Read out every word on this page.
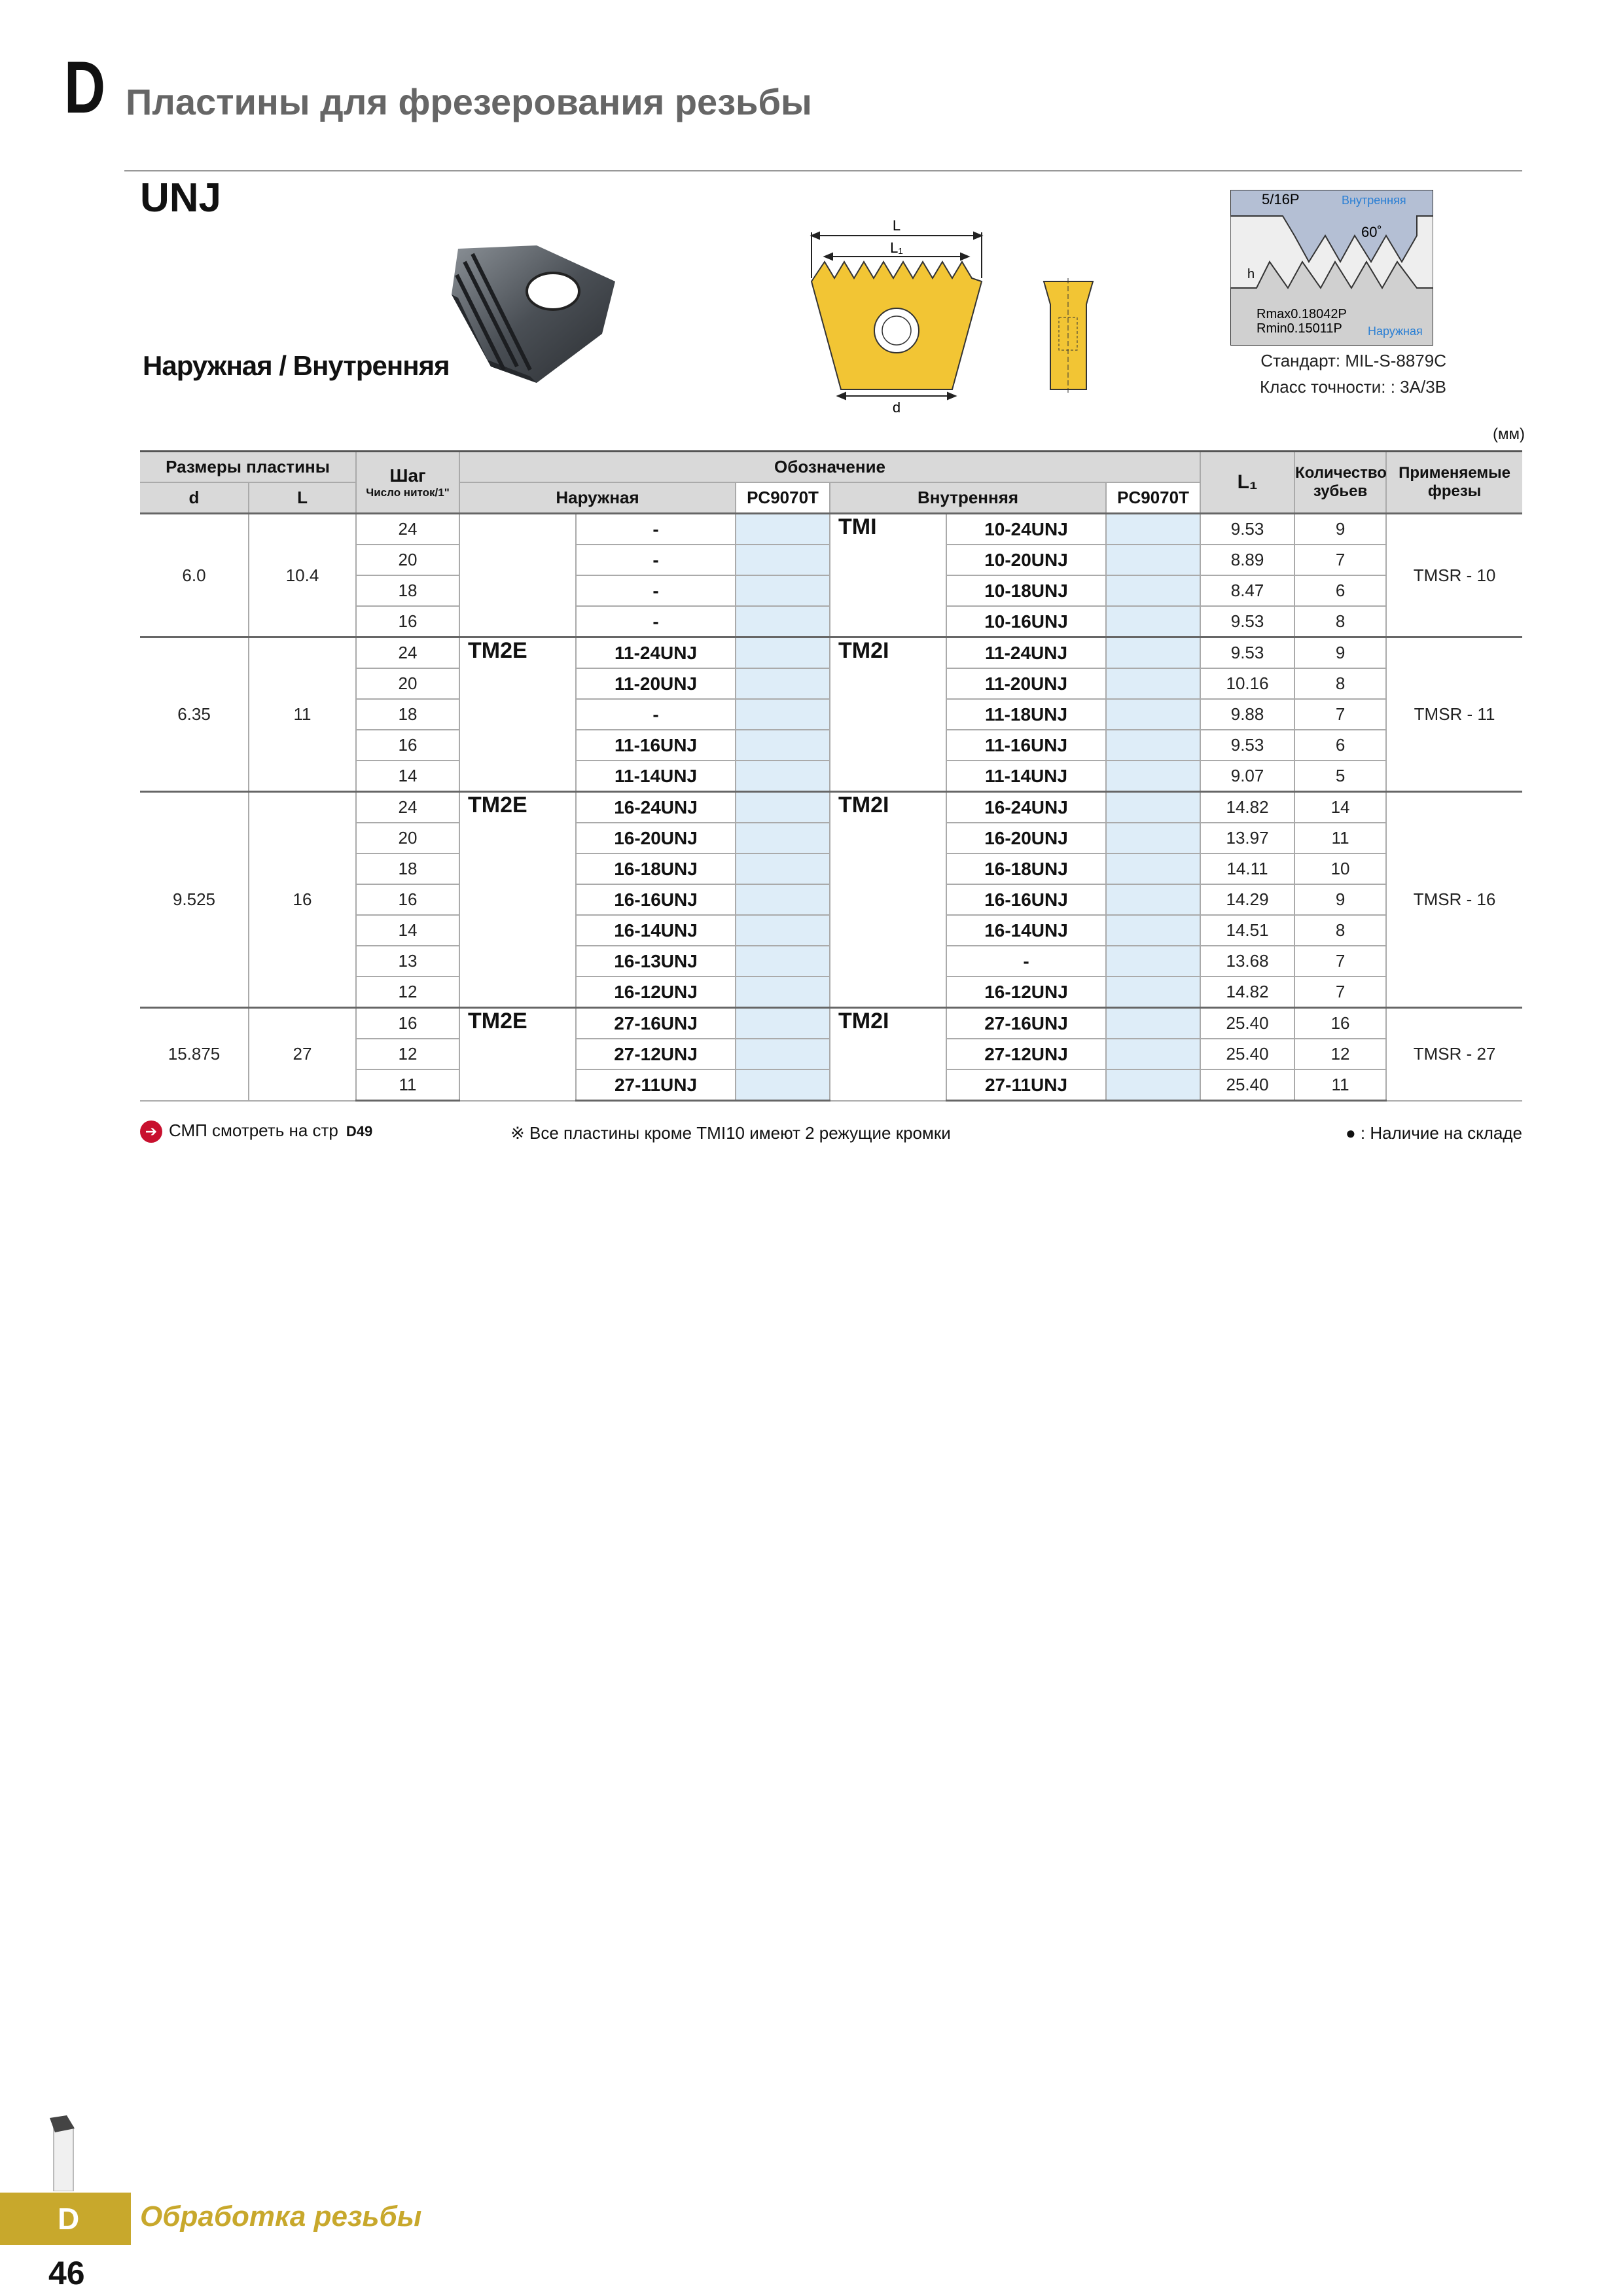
D Пластины для фрезерования резьбы
UNJ
Наружная / Внутренняя
L
L₁
d
5/16P	Внутренняя
60˚
h
Rmax0.18042P
Rmin0.15011P Наружная
Стандарт: MIL-S-8879C
Класс точности: : 3A/3B
(мм)
Размеры пластины		Шаг
Число ниток/1"	Обозначение						L₁	Количество зубьев	Применяемые фрезы
d	L		Наружная		PC9070T	Внутренняя		PC9070T			
6.0	10.4	24		-		TMI	10-24UNJ		9.53	9	TMSR - 10
		20		-			10-20UNJ		8.89	7	
		18		-			10-18UNJ		8.47	6	
		16		-			10-16UNJ		9.53	8	
6.35	11	24	TM2E	11-24UNJ		TM2I	11-24UNJ		9.53	9	TMSR - 11
		20		11-20UNJ			11-20UNJ		10.16	8	
		18		-			11-18UNJ		9.88	7	
		16		11-16UNJ			11-16UNJ		9.53	6	
		14		11-14UNJ			11-14UNJ		9.07	5	
9.525	16	24	TM2E	16-24UNJ		TM2I	16-24UNJ		14.82	14	TMSR - 16
		20		16-20UNJ			16-20UNJ		13.97	11	
		18		16-18UNJ			16-18UNJ		14.11	10	
		16		16-16UNJ			16-16UNJ		14.29	9	
		14		16-14UNJ			16-14UNJ		14.51	8	
		13		16-13UNJ			-		13.68	7	
		12		16-12UNJ			16-12UNJ		14.82	7	
15.875	27	16	TM2E	27-16UNJ		TM2I	27-16UNJ		25.40	16	TMSR - 27
		12		27-12UNJ			27-12UNJ		25.40	12	
		11		27-11UNJ			27-11UNJ		25.40	11	
➔ СМП смотреть на стр D49	※ Все пластины кроме TMI10 имеют 2 режущие кромки	● : Наличие на складе
D	Обработка резьбы
46
